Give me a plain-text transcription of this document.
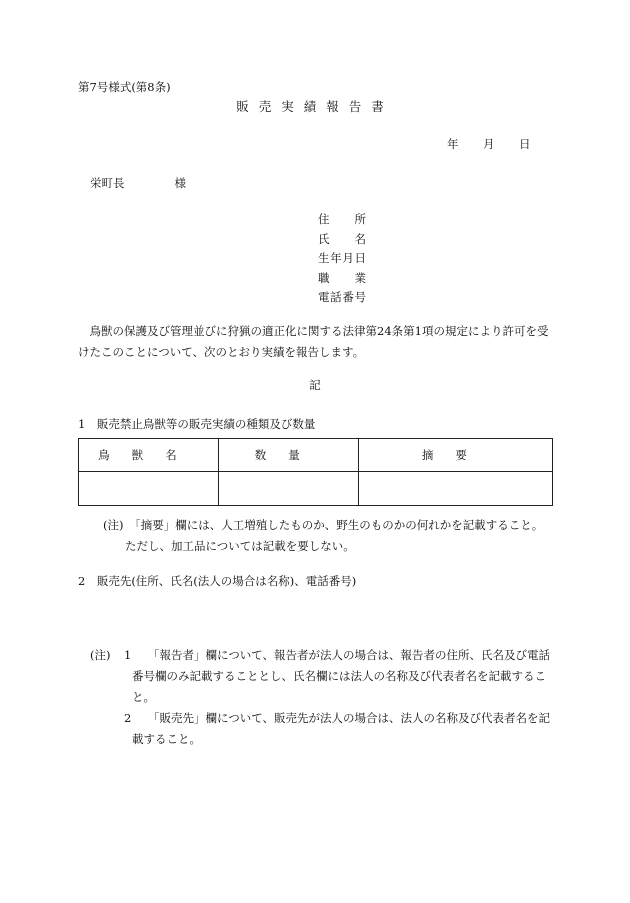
第7号様式(第8条)
販売実績報告書
年 月 日
栄町長	様
住所
氏名
生年月日
職業
電話番号
鳥獣の保護及び管理並びに狩猟の適正化に関する法律第24条第1項の規定により許可を受けたこのことについて、次のとおり実績を報告します。
記
1　販売禁止鳥獣等の販売実績の種類及び数量
鳥獣名	数量	摘要

(注)　 「摘要」欄には、人工増殖したものか、野生のものかの何れかを記載すること。
ただし、加工品については記載を要しない。
2　販売先(住所、氏名(法人の場合は名称)、電話番号)
(注) 1 「報告者」欄について、報告者が法人の場合は、報告者の住所、氏名及び電話
番号欄のみ記載することとし、氏名欄には法人の名称及び代表者名を記載するこ
と。
2 「販売先」欄について、販売先が法人の場合は、法人の名称及び代表者名を記
載すること。
